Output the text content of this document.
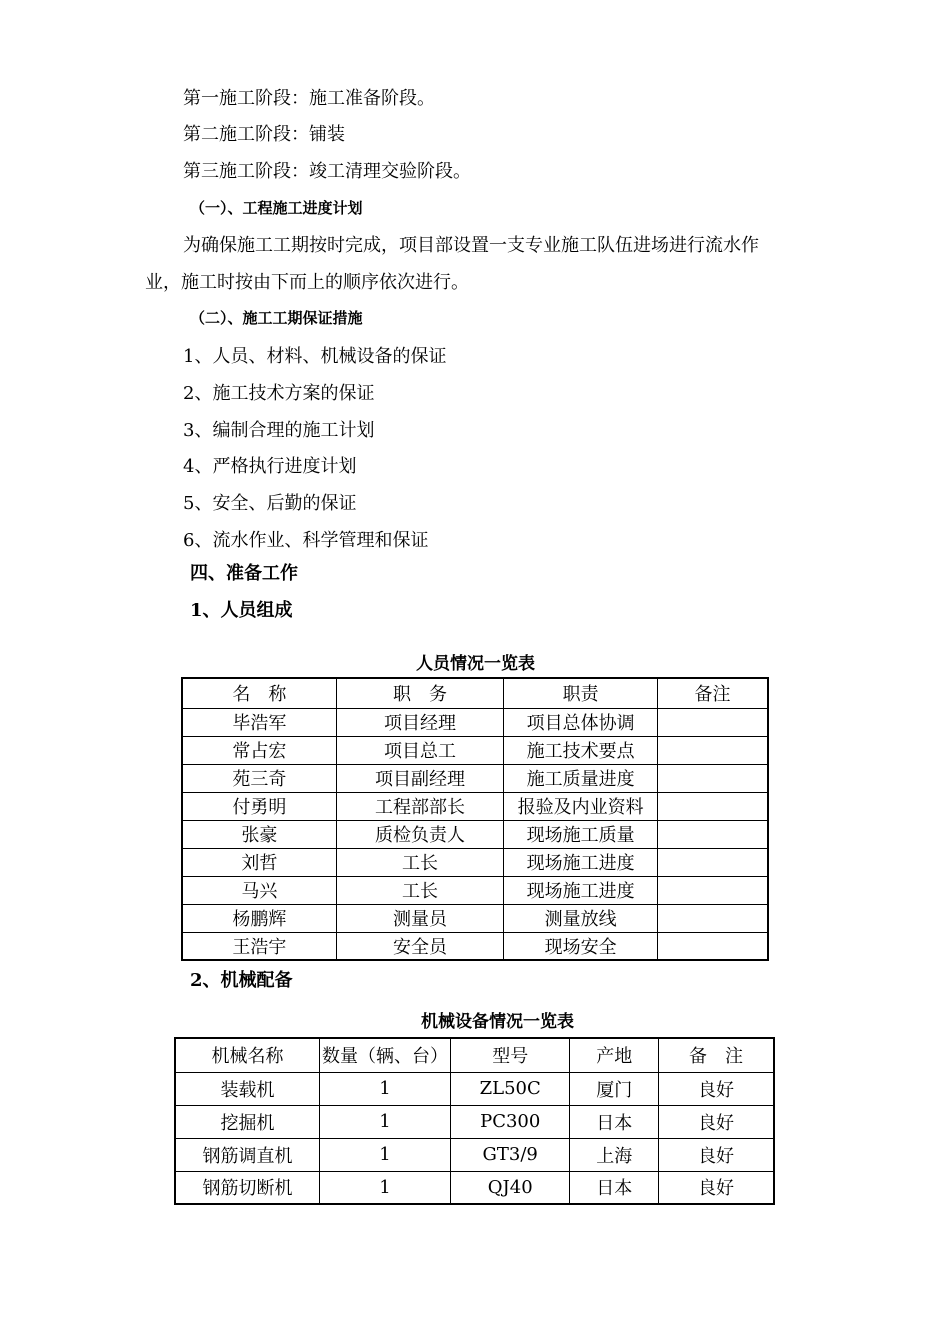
第一施工阶段：施工准备阶段。
第二施工阶段：铺装
第三施工阶段：竣工清理交验阶段。
（一）、工程施工进度计划
为确保施工工期按时完成，项目部设置一支专业施工队伍进场进行流水作
业，施工时按由下而上的顺序依次进行。
（二）、施工工期保证措施
1、人员、材料、机械设备的保证
2、施工技术方案的保证
3、编制合理的施工计划
4、严格执行进度计划
5、安全、后勤的保证
6、流水作业、科学管理和保证
四、准备工作
1、人员组成
人员情况一览表
名　称	职　务	职责	备注
毕浩军	项目经理	项目总体协调	
常占宏	项目总工	施工技术要点	
苑三奇	项目副经理	施工质量进度	
付勇明	工程部部长	报验及内业资料	
张豪	质检负责人	现场施工质量	
刘哲	工长	现场施工进度	
马兴	工长	现场施工进度	
杨鹏辉	测量员	测量放线	
王浩宇	安全员	现场安全	
2、机械配备
机械设备情况一览表
机械名称	数量（辆、台）	型号	产地	备　注
装载机	1	ZL50C	厦门	良好
挖掘机	1	PC300	日本	良好
钢筋调直机	1	GT3/9	上海	良好
钢筋切断机	1	QJ40	日本	良好
